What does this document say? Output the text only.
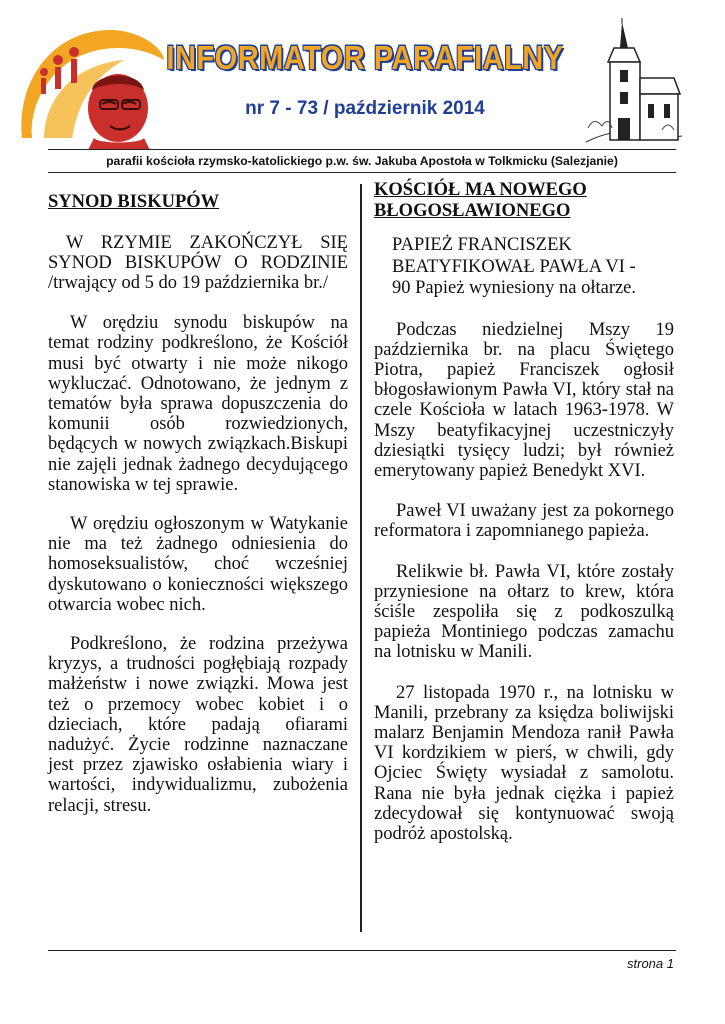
INFORMATOR PARAFIALNY
nr 7 - 73 / październik 2014
parafii kościoła rzymsko-katolickiego p.w. św. Jakuba Apostoła w Tolkmicku (Salezjanie)
SYNOD BISKUPÓW

W RZYMIE ZAKOŃCZYŁ SIĘ SYNOD BISKUPÓW O RODZINIE /trwający od 5 do 19 października br./

W orędziu synodu biskupów na temat rodziny podkreślono, że Kościół musi być otwarty i nie może nikogo wykluczać. Odnotowano, że jednym z tematów była sprawa dopuszczenia do komunii osób rozwiedzionych, będących w nowych związkach.Biskupi nie zajęli jednak żadnego decydującego stanowiska w tej sprawie.

W orędziu ogłoszonym w Watykanie nie ma też żadnego odniesienia do homoseksualistów, choć wcześniej dyskutowano o konieczności większego otwarcia wobec nich.

Podkreślono, że rodzina przeżywa kryzys, a trudności pogłębiają rozpady małżeństw i nowe związki. Mowa jest też o przemocy wobec kobiet i o dzieciach, które padają ofiarami nadużyć. Życie rodzinne naznaczane jest przez zjawisko osłabienia wiary i wartości, indywidualizmu, zubożenia relacji, stresu.

KOŚCIÓŁ MA NOWEGO BŁOGOSŁAWIONEGO
PAPIEŻ FRANCISZEK
BEATYFIKOWAŁ PAWŁA VI -
90 Papież wyniesiony na ołtarze.

Podczas niedzielnej Mszy 19 października br. na placu Świętego Piotra, papież Franciszek ogłosił błogosławionym Pawła VI, który stał na czele Kościoła w latach 1963-1978. W Mszy beatyfikacyjnej uczestniczyły dziesiątki tysięcy ludzi; był również emerytowany papież Benedykt XVI.

Paweł VI uważany jest za pokornego reformatora i zapomnianego papieża.

Relikwie bł. Pawła VI, które zostały przyniesione na ołtarz to krew, która ściśle zespoliła się z podkoszulką papieża Montiniego podczas zamachu na lotnisku w Manili.

27 listopada 1970 r., na lotnisku w Manili, przebrany za księdza boliwijski malarz Benjamin Mendoza ranił Pawła VI kordzikiem w pierś, w chwili, gdy Ojciec Święty wysiadał z samolotu. Rana nie była jednak ciężka i papież zdecydował się kontynuować swoją podróż apostolską.

strona 1
